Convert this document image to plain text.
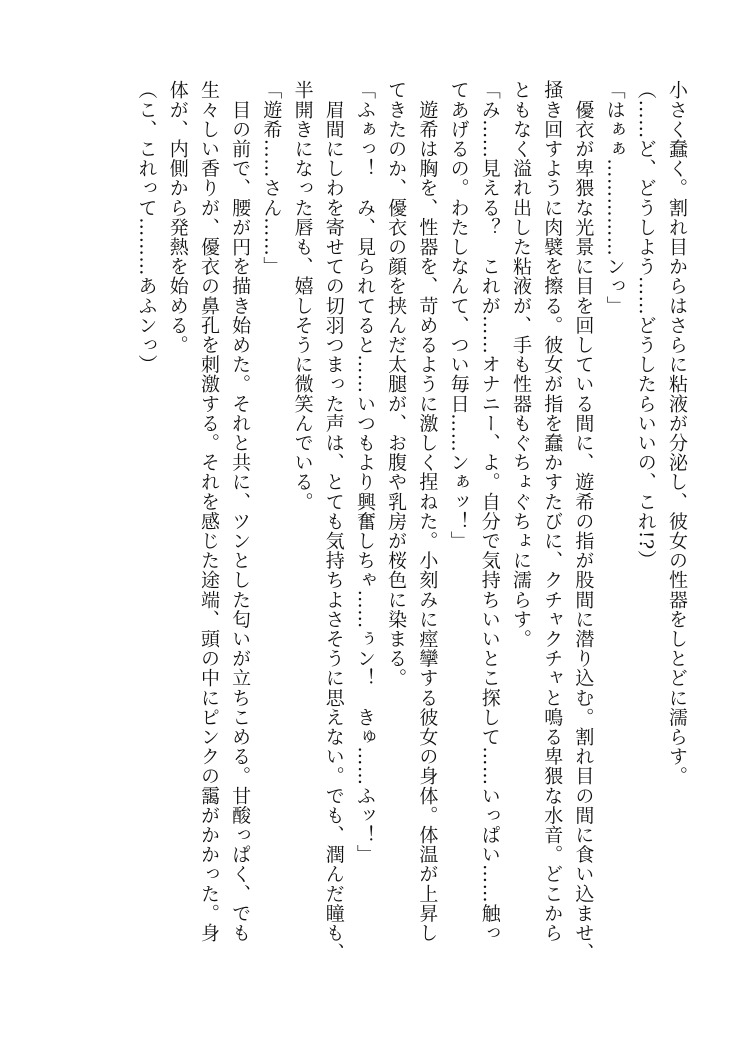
小さく蠢く。割れ目からはさらに粘液が分泌し、彼女の性器をしとどに濡らす。

（……ど、どうしよう……どうしたらいいの、これ!?）

「はぁぁ……………ンっ」

　優衣が卑猥な光景に目を回している間に、遊希の指が股間に潜り込む。割れ目の間に食い込ませ、

掻き回すように肉襞を擦る。彼女が指を蠢かすたびに、クチャクチャと鳴る卑猥な水音。どこから

ともなく溢れ出した粘液が、手も性器もぐちょぐちょに濡らす。

「み……見える？　これが……オナニー、よ。自分で気持ちいいとこ探して……いっぱい……触っ

てあげるの。わたしなんて、つい毎日……ンぁッ！」

　遊希は胸を、性器を、苛めるように激しく捏ねた。小刻みに痙攣する彼女の身体。体温が上昇し

てきたのか、優衣の顔を挟んだ太腿が、お腹や乳房が桜色に染まる。

「ふぁっ！　み、見られてると……いつもより興奮しちゃ……ぅン！　きゅ……ふッ！」

　眉間にしわを寄せての切羽つまった声は、とても気持ちよさそうに思えない。でも、潤んだ瞳も、

半開きになった唇も、嬉しそうに微笑んでいる。

「遊希……さん……」

　目の前で、腰が円を描き始めた。それと共に、ツンとした匂いが立ちこめる。甘酸っぱく、でも

生々しい香りが、優衣の鼻孔を刺激する。それを感じた途端、頭の中にピンクの靄がかかった。身

体が、内側から発熱を始める。

（こ、これって………あふンっ）
